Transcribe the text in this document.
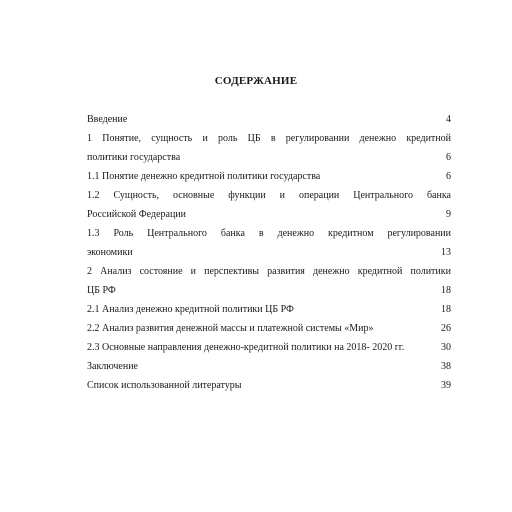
СОДЕРЖАНИЕ
Введение	4
1 Понятие, сущность и роль ЦБ в регулировании денежно кредитной
политики государства	6
1.1 Понятие денежно кредитной политики государства	6
1.2 Сущность, основные функции и операции Центрального банка
Российской Федерации	9
1.3 Роль Центрального банка в денежно кредитном регулировании
экономики	13
2 Анализ состояние и перспективы развития денежно кредитной политики
ЦБ РФ	18
2.1 Анализ денежно кредитной политики ЦБ РФ	18
2.2 Анализ развития денежной массы и платежной системы «Мир»	26
2.3 Основные направления денежно-кредитной политики на 2018- 2020 гг.	30
Заключение	38
Список использованной литературы	39
